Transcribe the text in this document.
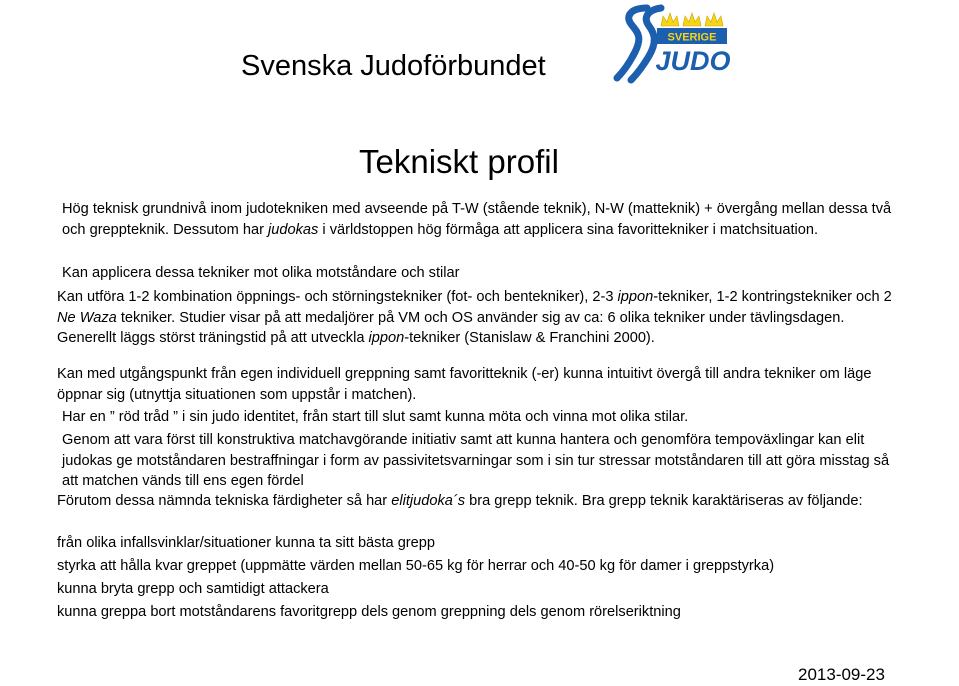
Svenska Judoförbundet
SVERIGE
JUDO
Tekniskt profil

Hög teknisk grundnivå inom judotekniken med avseende på T-W (stående teknik), N-W (matteknik) + övergång mellan dessa två och greppteknik. Dessutom har judokas i världstoppen hög förmåga att applicera sina favorittekniker i matchsituation.

Kan applicera dessa tekniker mot olika motståndare och stilar

Kan utföra 1-2 kombination öppnings- och störningstekniker (fot- och bentekniker), 2-3 ippon-tekniker, 1-2 kontringstekniker och 2 Ne Waza tekniker. Studier visar på att medaljörer på VM och OS använder sig av ca: 6 olika tekniker under tävlingsdagen. Generellt läggs störst träningstid på att utveckla ippon-tekniker (Stanislaw & Franchini 2000).

Kan med utgångspunkt från egen individuell greppning samt favoritteknik (-er) kunna intuitivt övergå till andra tekniker om läge öppnar sig (utnyttja situationen som uppstår i matchen).

Har en ” röd tråd ” i sin judo identitet, från start till slut samt kunna möta och vinna mot olika stilar.

Genom att vara först till konstruktiva matchavgörande initiativ samt att kunna hantera och genomföra tempoväxlingar kan elit judokas ge motståndaren bestraffningar i form av passivitetsvarningar som i sin tur stressar motståndaren till att göra misstag så att matchen vänds till ens egen fördel

Förutom dessa nämnda tekniska färdigheter så har elitjudoka´s bra grepp teknik. Bra grepp teknik karaktäriseras av följande:

från olika infallsvinklar/situationer kunna ta sitt bästa grepp

styrka att hålla kvar greppet (uppmätte värden mellan 50-65 kg för herrar och 40-50 kg för damer i greppstyrka)

kunna bryta grepp och samtidigt attackera

kunna greppa bort motståndarens favoritgrepp dels genom greppning dels genom rörelseriktning

2013-09-23
